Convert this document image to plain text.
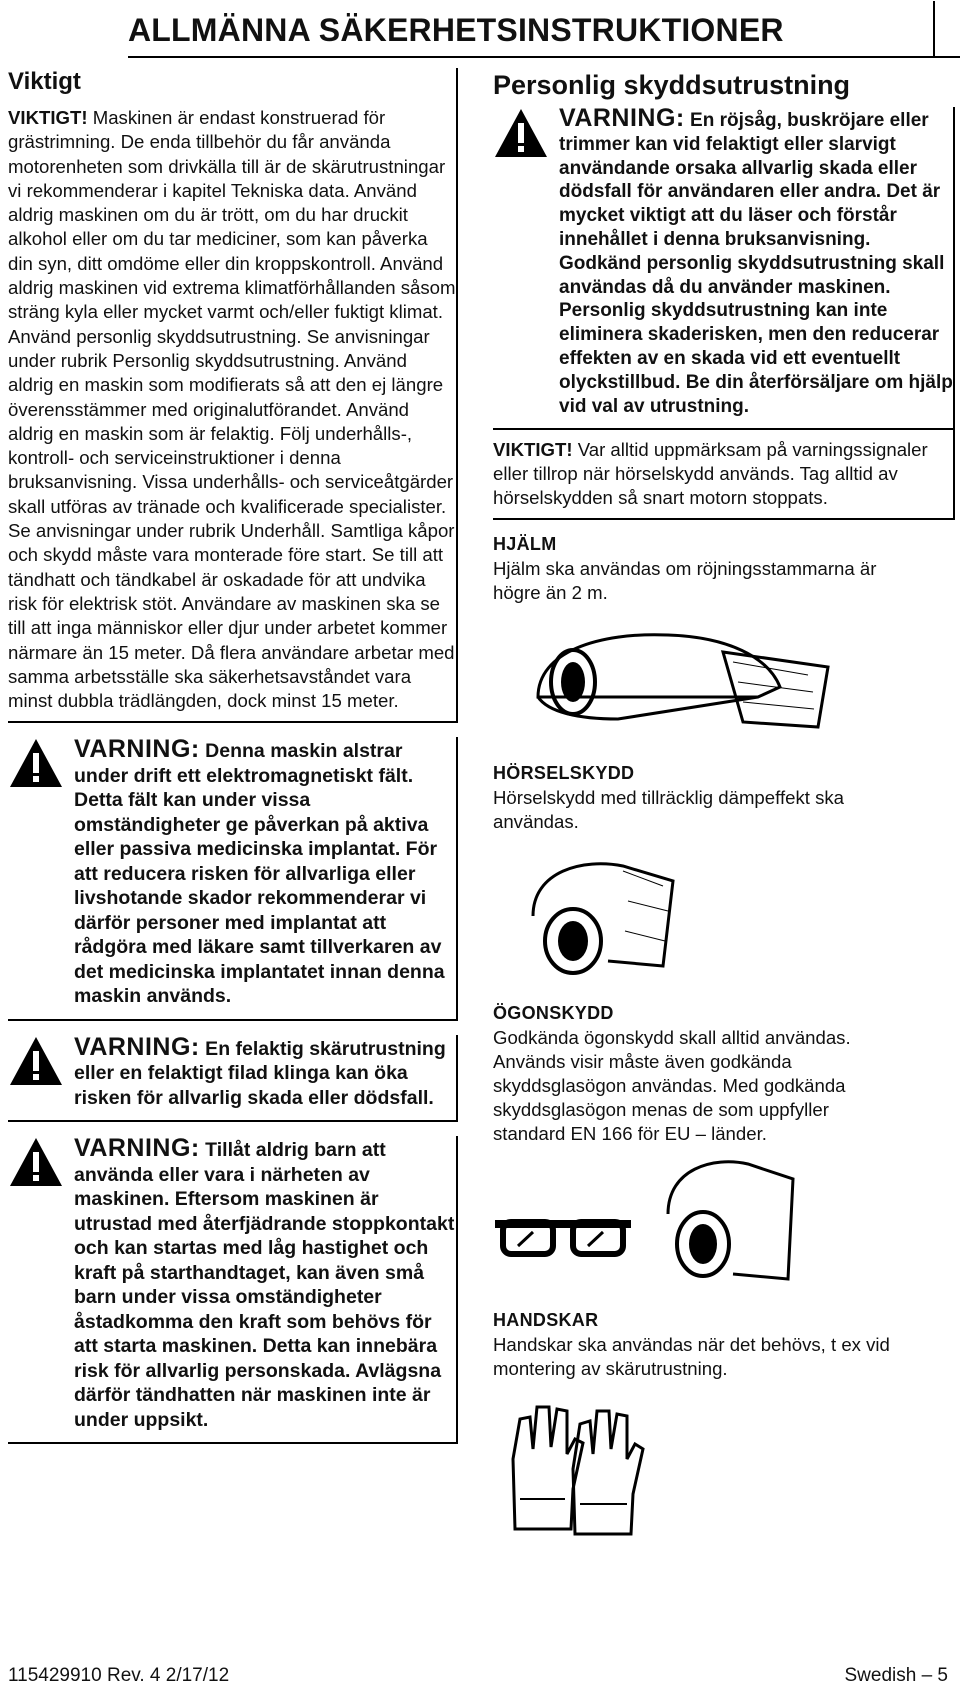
ALLMÄNNA SÄKERHETSINSTRUKTIONER
Viktigt

VIKTIGT! Maskinen är endast konstruerad för grästrimning. De enda tillbehör du får använda motorenheten som drivkälla till är de skärutrustningar vi rekommenderar i kapitel Tekniska data. Använd aldrig maskinen om du är trött, om du har druckit alkohol eller om du tar mediciner, som kan påverka din syn, ditt omdöme eller din kroppskontroll. Använd aldrig maskinen vid extrema klimatförhållanden såsom sträng kyla eller mycket varmt och/eller fuktigt klimat. Använd personlig skyddsutrustning. Se anvisningar under rubrik Personlig skyddsutrustning. Använd aldrig en maskin som modifierats så att den ej längre överensstämmer med originalutförandet. Använd aldrig en maskin som är felaktig. Följ underhålls-, kontroll- och serviceinstruktioner i denna bruksanvisning. Vissa underhålls- och serviceåtgärder skall utföras av tränade och kvalificerade specialister. Se anvisningar under rubrik Underhåll. Samtliga kåpor och skydd måste vara monterade före start. Se till att tändhatt och tändkabel är oskadade för att undvika risk för elektrisk stöt. Användare av maskinen ska se till att inga människor eller djur under arbetet kommer närmare än 15 meter. Då flera användare arbetar med samma arbetsställe ska säkerhetsavståndet vara minst dubbla trädlängden, dock minst 15 meter.

VARNING: Denna maskin alstrar under drift ett elektromagnetiskt fält. Detta fält kan under vissa omständigheter ge påverkan på aktiva eller passiva medicinska implantat. För att reducera risken för allvarliga eller livshotande skador rekommenderar vi därför personer med implantat att rådgöra med läkare samt tillverkaren av det medicinska implantatet innan denna maskin används.
VARNING: En felaktig skärutrustning eller en felaktigt filad klinga kan öka risken för allvarlig skada eller dödsfall.
VARNING: Tillåt aldrig barn att använda eller vara i närheten av maskinen. Eftersom maskinen är utrustad med återfjädrande stoppkontakt och kan startas med låg hastighet och kraft på starthandtaget, kan även små barn under vissa omständigheter åstadkomma den kraft som behövs för att starta maskinen. Detta kan innebära risk för allvarlig personskada. Avlägsna därför tändhatten när maskinen inte är under uppsikt.
Personlig skyddsutrustning
VARNING: En röjsåg, buskröjare eller trimmer kan vid felaktigt eller slarvigt användande orsaka allvarlig skada eller dödsfall för användaren eller andra. Det är mycket viktigt att du läser och förstår innehållet i denna bruksanvisning. Godkänd personlig skyddsutrustning skall användas då du använder maskinen. Personlig skyddsutrustning kan inte eliminera skaderisken, men den reducerar effekten av en skada vid ett eventuellt olyckstillbud. Be din återförsäljare om hjälp vid val av utrustning.

VIKTIGT! Var alltid uppmärksam på varningssignaler eller tillrop när hörselskydd används. Tag alltid av hörselskydden så snart motorn stoppats.

HJÄLM

Hjälm ska användas om röjningsstammarna är högre än 2 m.

HÖRSELSKYDD

Hörselskydd med tillräcklig dämpeffekt ska användas.

ÖGONSKYDD

Godkända ögonskydd skall alltid användas. Används visir måste även godkända skyddsglasögon användas. Med godkända skyddsglasögon menas de som uppfyller standard EN 166 för EU – länder.

HANDSKAR

Handskar ska användas när det behövs, t ex vid montering av skärutrustning.

115429910 Rev. 4 2/17/12	Swedish – 5
